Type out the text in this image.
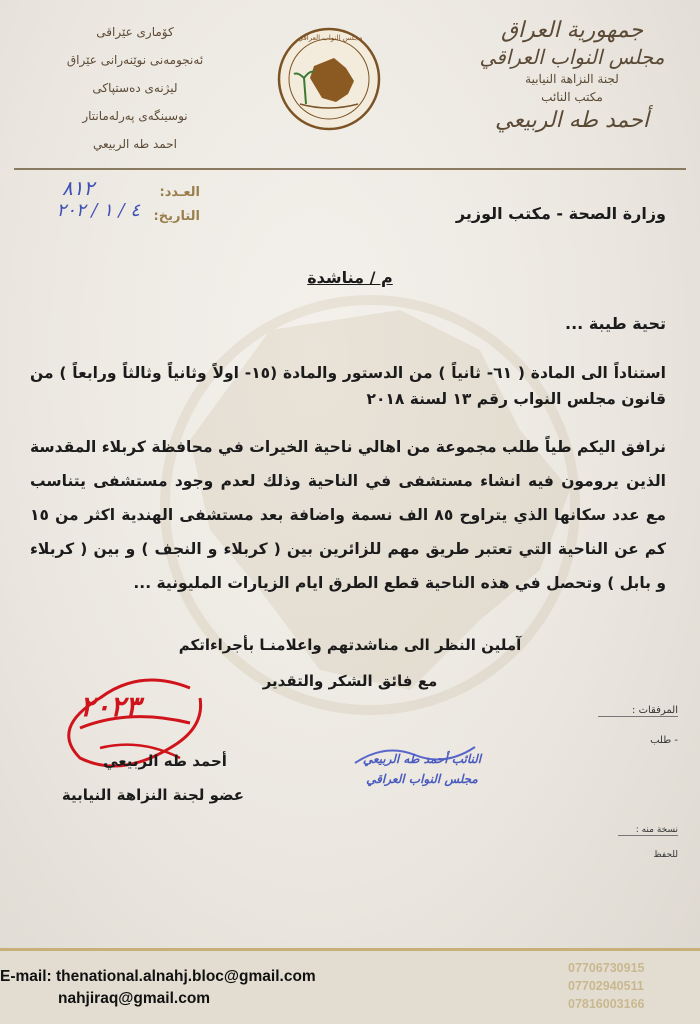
جمهورية العراق
مجلس النواب العراقي
لجنة النزاهة النيابية
مكتب النائب
أحمد طه الربيعي
كۆماری عێراقی
ئەنجومەنی نوێنەرانی عێراق
لیژنەی دەستپاکی
نوسینگەی پەرلەمانتار
احمد طه الربيعي
مجلس النواب العراقي
العـدد:
٨١٢
التاريخ:
٤ / ١ / ٢٠٢	وزارة الصحة - مكتب الوزير
م / مناشدة
تحية طيبة ...
استناداً الى المادة ( ٦١- ثانياً ) من الدستور والمادة (١٥- اولاً وثانياً وثالثاً ورابعاً ) من قانون مجلس النواب رقم ١٣ لسنة ٢٠١٨
نرافق اليكم طياً طلب مجموعة من اهالي ناحية الخيرات في محافظة كربلاء المقدسة الذين يرومون فيه انشاء مستشفى في الناحية وذلك لعدم وجود مستشفى يتناسب مع عدد سكانها الذي يتراوح ٨٥ الف نسمة واضافة بعد مستشفى الهندية اكثر من ١٥ كم عن الناحية التي تعتبر طريق مهم للزائرين بين ( كربلاء و النجف ) و بين ( كربلاء و بابل ) وتحصل في هذه الناحية قطع الطرق ايام الزيارات المليونية ...
آملين النظر الى مناشدتهم واعلامنـا بأجراءاتكم
مع فائق الشكر والتقدير
المرفقات :
- طلب
نسخة منه :
للحفظ
النائب أحمد طه الربيعي
مجلس النواب العراقي
٢٠٢٣
أحمد طه الربيعي
عضو لجنة النزاهة النيابية
E-mail: thenational.alnahj.bloc@gmail.com
nahjiraq@gmail.com
07706730915
07702940511
07816003166
